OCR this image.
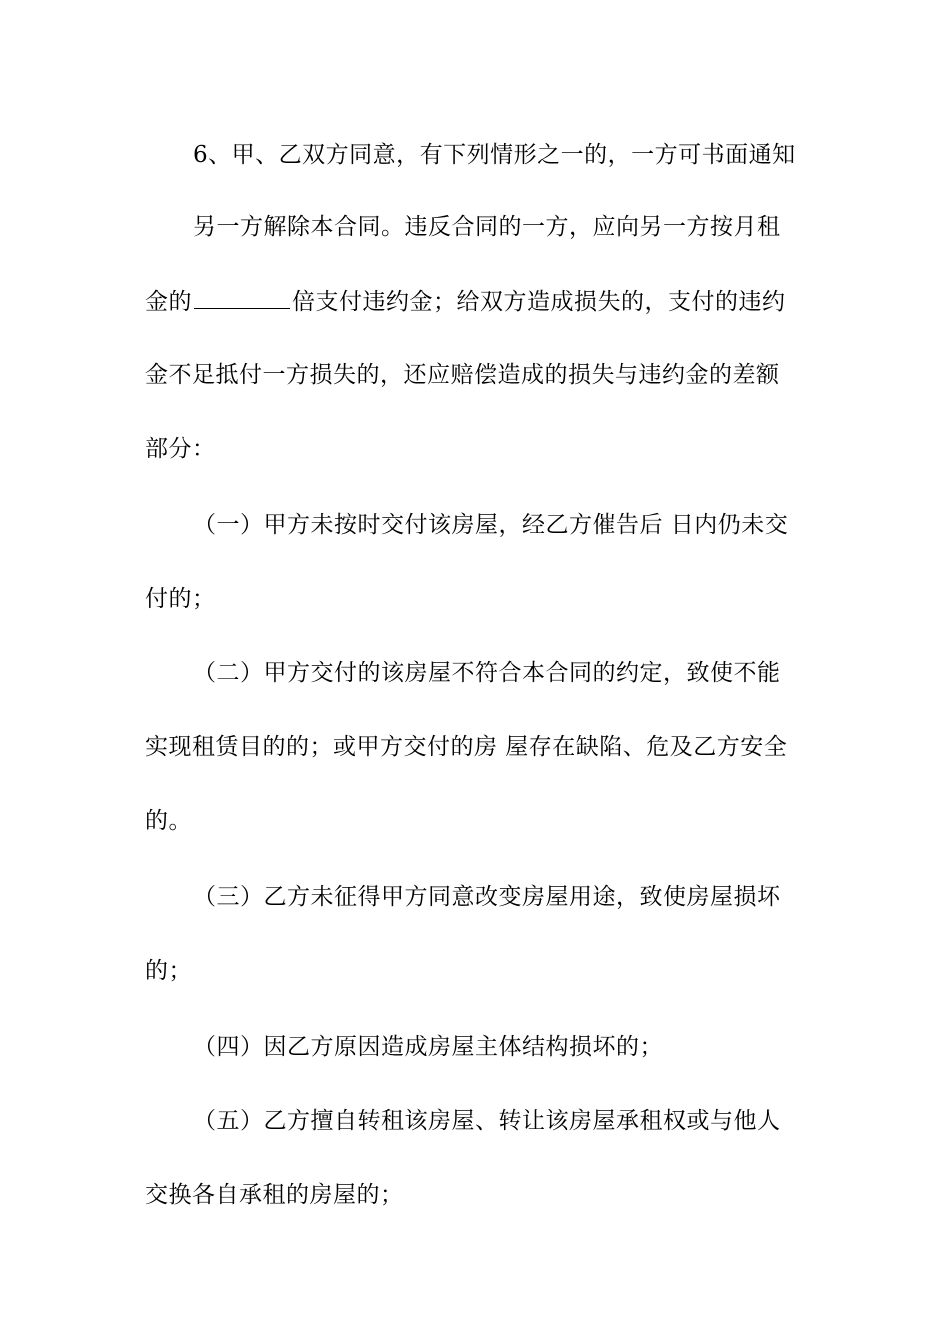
6、甲、乙双方同意，有下列情形之一的，一方可书面通知
另一方解除本合同。违反合同的一方，应向另一方按月租
金的	倍支付违约金；给双方造成损失的，支付的违约
金不足抵付一方损失的，还应赔偿造成的损失与违约金的差额
部分：
（一）甲方未按时交付该房屋，经乙方催告后 日内仍未交
付的；
（二）甲方交付的该房屋不符合本合同的约定，致使不能
实现租赁目的的；或甲方交付的房 屋存在缺陷、危及乙方安全
的。
（三）乙方未征得甲方同意改变房屋用途，致使房屋损坏
的；
（四）因乙方原因造成房屋主体结构损坏的；
（五）乙方擅自转租该房屋、转让该房屋承租权或与他人
交换各自承租的房屋的；
